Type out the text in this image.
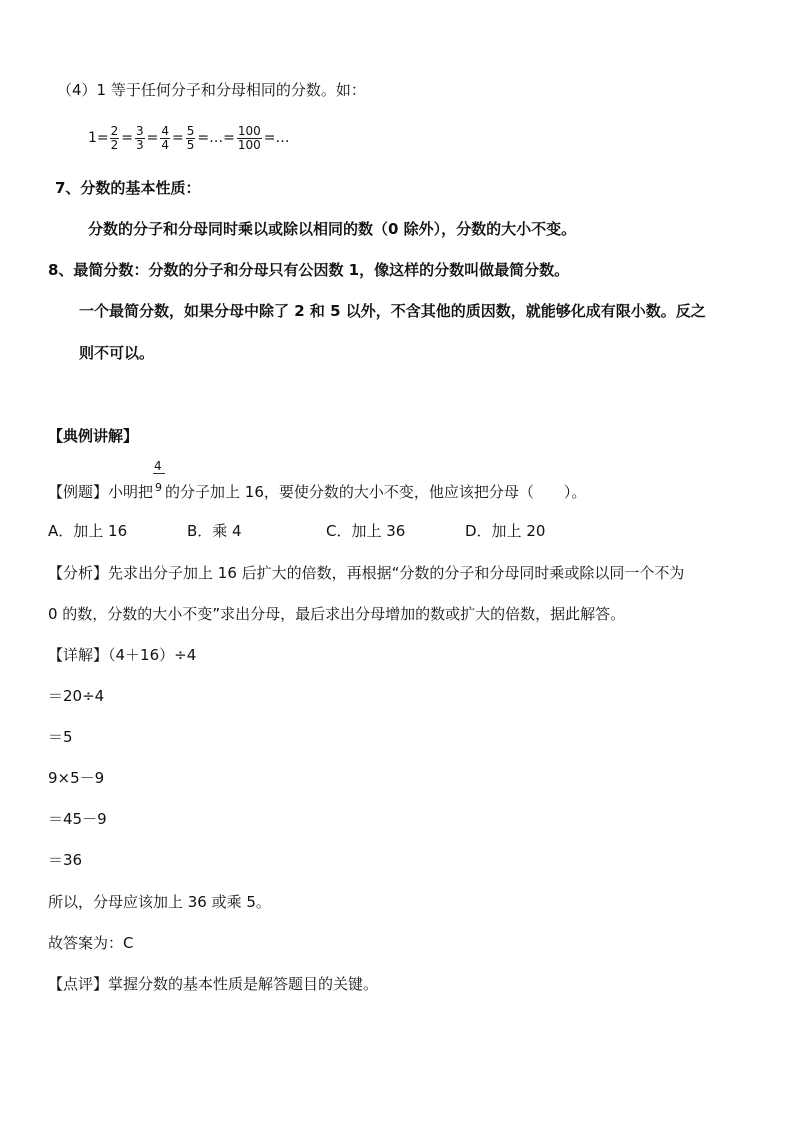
（4）1 等于任何分子和分母相同的分数。如：
$1= \frac{2}{2} = \frac{3}{3} = \frac{4}{4} = \frac{5}{5}$ =…= $\frac{100}{100}$ =…
7、分数的基本性质：
分数的分子和分母同时乘以或除以相同的数（0 除外），分数的大小不变。
8、最简分数：分数的分子和分母只有公因数 1，像这样的分数叫做最简分数。
一个最简分数，如果分母中除了 2 和 5 以外，不含其他的质因数，就能够化成有限小数。反之
则不可以。
【典例讲解】
【例题】小明把 $\frac{4}{9}$ 的分子加上 16，要使分数的大小不变，他应该把分母（　　）。
A．加上 16	B．乘 4	C．加上 36	D．加上 20
【分析】先求出分子加上 16 后扩大的倍数，再根据“分数的分子和分母同时乘或除以同一个不为
0 的数，分数的大小不变”求出分母，最后求出分母增加的数或扩大的倍数，据此解答。
【详解】（4＋16）÷4
＝20÷4
＝5
9×5－9
＝45－9
＝36
所以，分母应该加上 36 或乘 5。
故答案为：C
【点评】掌握分数的基本性质是解答题目的关键。
